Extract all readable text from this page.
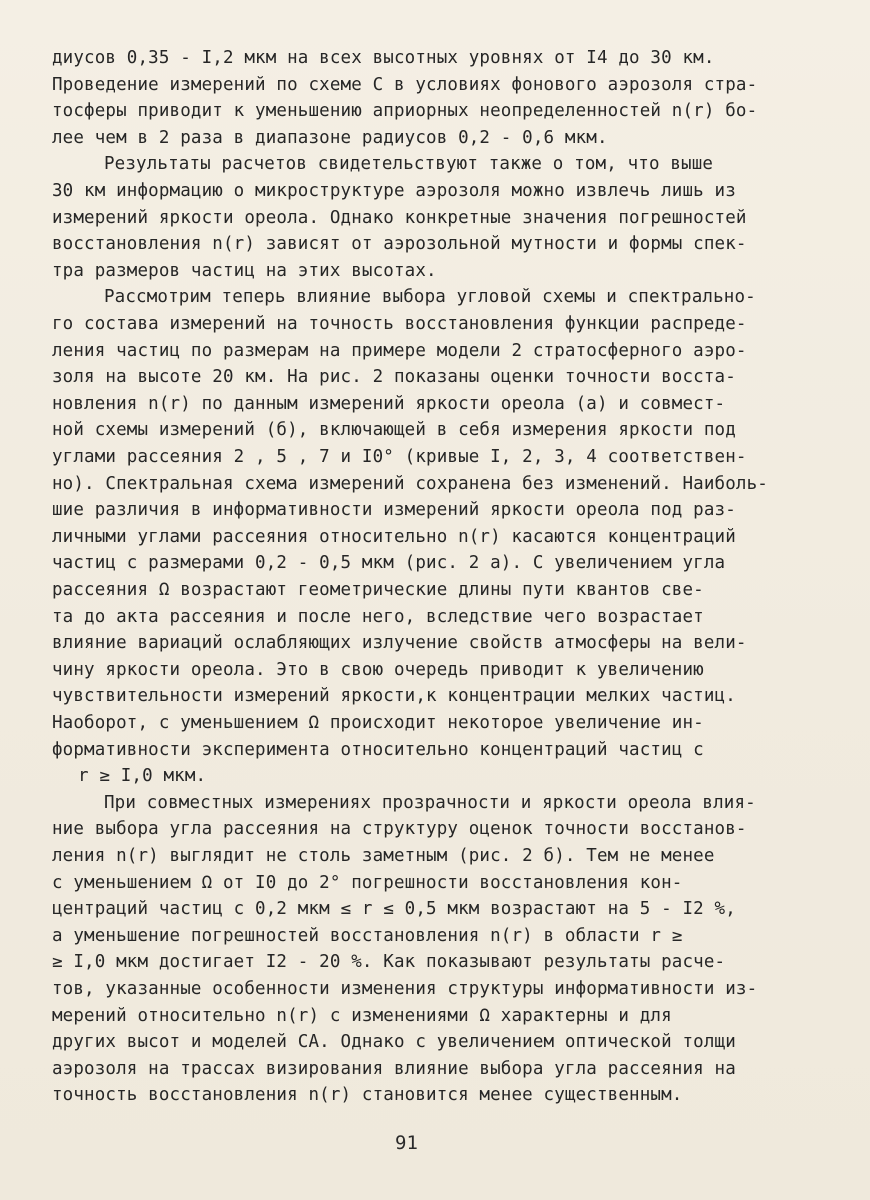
диусов 0,35 - I,2 мкм на всех высотных уровнях от I4 до 30 км.
Проведение измерений по схеме С в условиях фонового аэрозоля стра-
тосферы приводит к уменьшению априорных неопределенностей n(r) бо-
лее чем в 2 раза в диапазоне радиусов 0,2 - 0,6 мкм.
Результаты расчетов свидетельствуют также о том, что выше
30 км информацию о микроструктуре аэрозоля можно извлечь лишь из
измерений яркости ореола. Однако конкретные значения погрешностей
восстановления n(r) зависят от аэрозольной мутности и формы спек-
тра размеров частиц на этих высотах.
Рассмотрим теперь влияние выбора угловой схемы и спектрально-
го состава измерений на точность восстановления функции распреде-
ления частиц по размерам на примере модели 2 стратосферного аэро-
золя на высоте 20 км. На рис. 2 показаны оценки точности восста-
новления n(r) по данным измерений яркости ореола (а) и совмест-
ной схемы измерений (б), включающей в себя измерения яркости под
углами рассеяния 2 , 5 , 7 и I0° (кривые I, 2, 3, 4 соответствен-
но). Спектральная схема измерений сохранена без изменений. Наиболь-
шие различия в информативности измерений яркости ореола под раз-
личными углами рассеяния относительно n(r) касаются концентраций
частиц с размерами 0,2 - 0,5 мкм (рис. 2 а). С увеличением угла
рассеяния Ω возрастают геометрические длины пути квантов све-
та до акта рассеяния и после него, вследствие чего возрастает
влияние вариаций ослабляющих излучение свойств атмосферы на вели-
чину яркости ореола. Это в свою очередь приводит к увеличению
чувствительности измерений яркости,к концентрации мелких частиц.
Наоборот, с уменьшением Ω происходит некоторое увеличение ин-
формативности эксперимента относительно концентраций частиц с
r ≥ I,0 мкм.
При совместных измерениях прозрачности и яркости ореола влия-
ние выбора угла рассеяния на структуру оценок точности восстанов-
ления n(r) выглядит не столь заметным (рис. 2 б). Тем не менее
с уменьшением Ω от I0 до 2° погрешности восстановления кон-
центраций частиц с 0,2 мкм ≤ r ≤ 0,5 мкм возрастают на 5 - I2 %,
а уменьшение погрешностей восстановления n(r) в области r ≥
≥ I,0 мкм достигает I2 - 20 %. Как показывают результаты расче-
тов, указанные особенности изменения структуры информативности из-
мерений относительно n(r) с изменениями Ω характерны и для
других высот и моделей СА. Однако с увеличением оптической толщи
аэрозоля на трассах визирования влияние выбора угла рассеяния на
точность восстановления n(r) становится менее существенным.
91
